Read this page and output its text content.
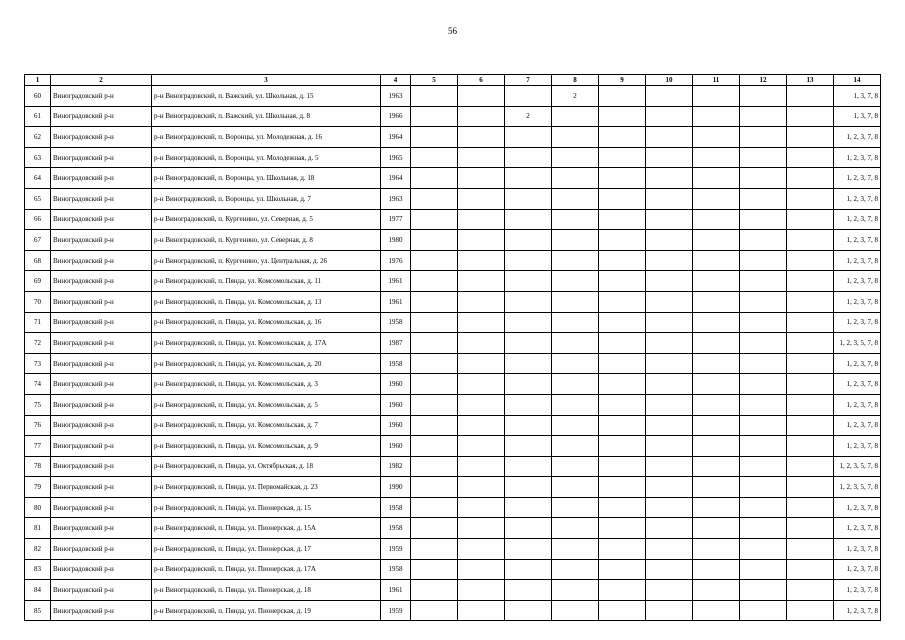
56
1	2	3	4	5	6	7	8	9	10	11	12	13	14
60	Виноградовский р-н	р-н Виноградовский, п. Важский, ул. Школьная, д. 15	1963				2						1, 3, 7, 8
61	Виноградовский р-н	р-н Виноградовский, п. Важский, ул. Школьная, д. 8	1966			2							1, 3, 7, 8
62	Виноградовский р-н	р-н Виноградовский, п. Воронцы, ул. Молодежная, д. 16	1964										1, 2, 3, 7, 8
63	Виноградовский р-н	р-н Виноградовский, п. Воронцы, ул. Молодежная, д. 5	1965										1, 2, 3, 7, 8
64	Виноградовский р-н	р-н Виноградовский, п. Воронцы, ул. Школьная, д. 18	1964										1, 2, 3, 7, 8
65	Виноградовский р-н	р-н Виноградовский, п. Воронцы, ул. Школьная, д. 7	1963										1, 2, 3, 7, 8
66	Виноградовский р-н	р-н Виноградовский, п. Кургенино, ул. Северная, д. 5	1977										1, 2, 3, 7, 8
67	Виноградовский р-н	р-н Виноградовский, п. Кургенино, ул. Северная, д. 8	1980										1, 2, 3, 7, 8
68	Виноградовский р-н	р-н Виноградовский, п. Кургенино, ул. Центральная, д. 26	1976										1, 2, 3, 7, 8
69	Виноградовский р-н	р-н Виноградовский, п. Пяндa, ул. Комсомольская, д. 11	1961										1, 2, 3, 7, 8
70	Виноградовский р-н	р-н Виноградовский, п. Пянда, ул. Комсомольская, д. 13	1961										1, 2, 3, 7, 8
71	Виноградовский р-н	р-н Виноградовский, п. Пянда, ул. Комсомольская, д. 16	1958										1, 2, 3, 7, 8
72	Виноградовский р-н	р-н Виноградовский, п. Пянда, ул. Комсомольская, д. 17А	1987										1, 2, 3, 5, 7, 8
73	Виноградовский р-н	р-н Виноградовский, п. Пянда, ул. Комсомольская, д. 20	1958										1, 2, 3, 7, 8
74	Виноградовский р-н	р-н Виноградовский, п. Пянда, ул. Комсомольская, д. 3	1960										1, 2, 3, 7, 8
75	Виноградовский р-н	р-н Виноградовский, п. Пянда, ул. Комсомольская, д. 5	1960										1, 2, 3, 7, 8
76	Виноградовский р-н	р-н Виноградовский, п. Пянда, ул. Комсомольская, д. 7	1960										1, 2, 3, 7, 8
77	Виноградовский р-н	р-н Виноградовский, п. Пянда, ул. Комсомольская, д. 9	1960										1, 2, 3, 7, 8
78	Виноградовский р-н	р-н Виноградовский, п. Пянда, ул. Октябрьская, д. 18	1982										1, 2, 3, 5, 7, 8
79	Виноградовский р-н	р-н Виноградовский, п. Пянда, ул. Первомайская, д. 23	1990										1, 2, 3, 5, 7, 8
80	Виноградовский р-н	р-н Виноградовский, п. Пянда, ул. Пионерская, д. 15	1958										1, 2, 3, 7, 8
81	Виноградовский р-н	р-н Виноградовский, п. Пянда, ул. Пионерская, д. 15А	1958										1, 2, 3, 7, 8
82	Виноградовский р-н	р-н Виноградовский, п. Пянда, ул. Пионерская, д. 17	1959										1, 2, 3, 7, 8
83	Виноградовский р-н	р-н Виноградовский, п. Пянда, ул. Пионерская, д. 17А	1958										1, 2, 3, 7, 8
84	Виноградовский р-н	р-н Виноградовский, п. Пянда, ул. Пионерская, д. 18	1961										1, 2, 3, 7, 8
85	Виноградовский р-н	р-н Виноградовский, п. Пянда, ул. Пионерская, д. 19	1959										1, 2, 3, 7, 8
